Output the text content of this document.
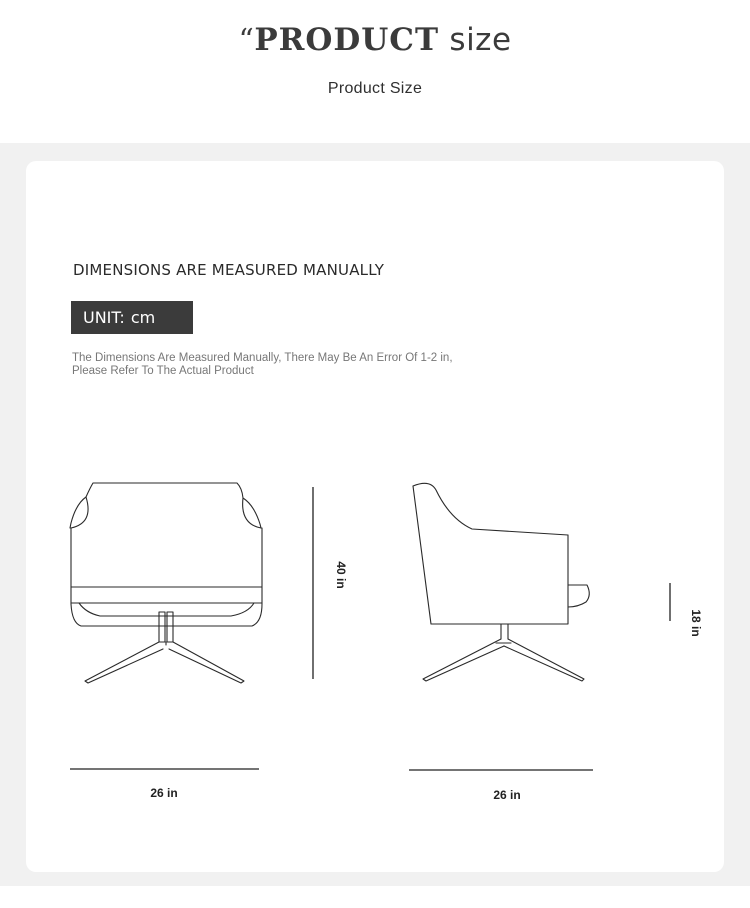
“PRODUCT size
Product Size
DIMENSIONS ARE MEASURED MANUALLY
UNIT: cm
The Dimensions Are Measured Manually, There May Be An Error Of 1-2 in,
Please Refer To The Actual Product
26 in
40 in
26 in
18 in
